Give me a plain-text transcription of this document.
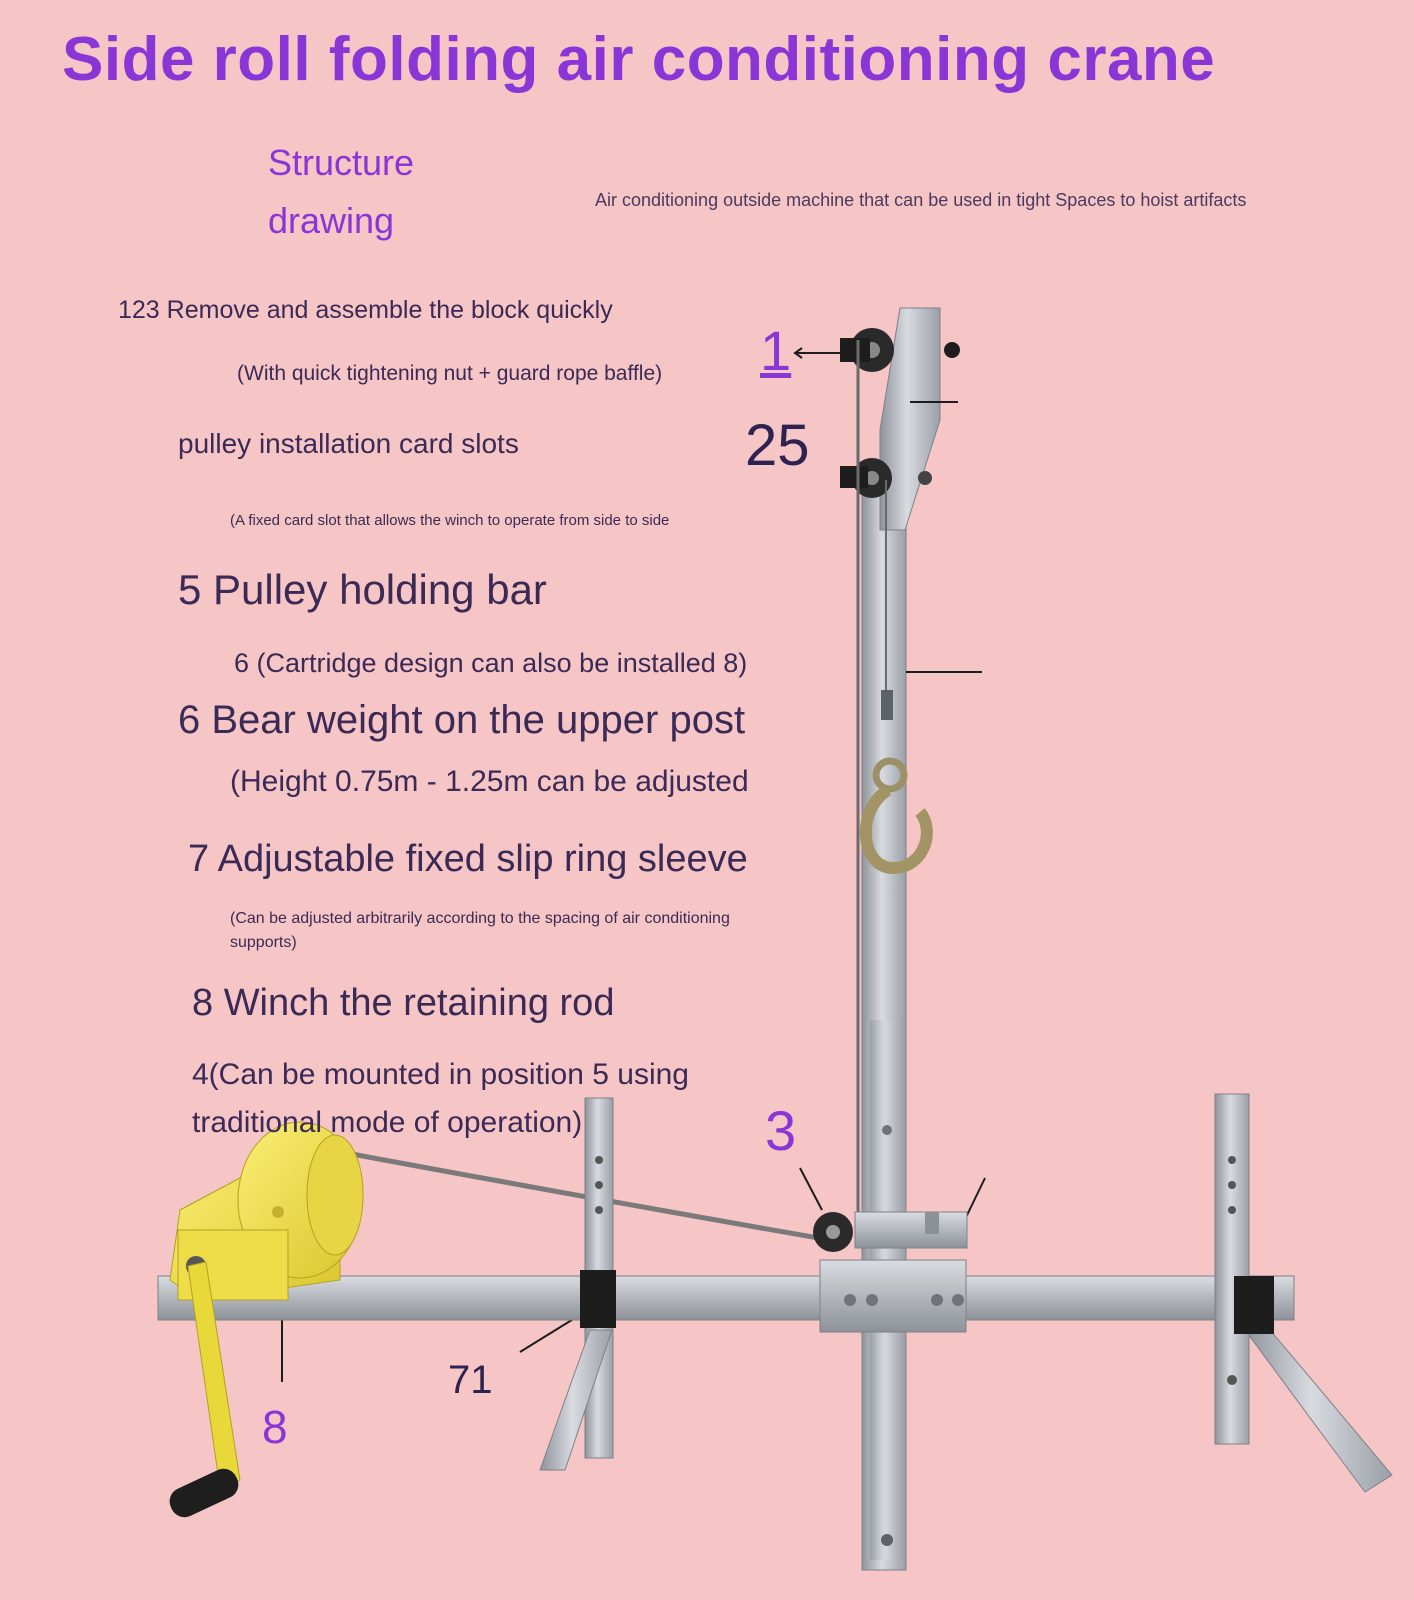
Side roll folding air conditioning crane

Structure

drawing	Air conditioning outside machine that can be used in tight Spaces to hoist artifacts

123 Remove and assemble the block quickly

(With quick tightening nut + guard rope baffle)

pulley installation card slots

(A fixed card slot that allows the winch to operate from side to side

5 Pulley holding bar

6 (Cartridge design can also be installed 8)

6 Bear weight on the upper post

(Height 0.75m - 1.25m can be adjusted

7 Adjustable fixed slip ring sleeve

(Can be adjusted arbitrarily according to the spacing of air conditioning

supports)

8 Winch the retaining rod

4(Can be mounted in position 5 using

traditional mode of operation)

1

25

3

71

8
